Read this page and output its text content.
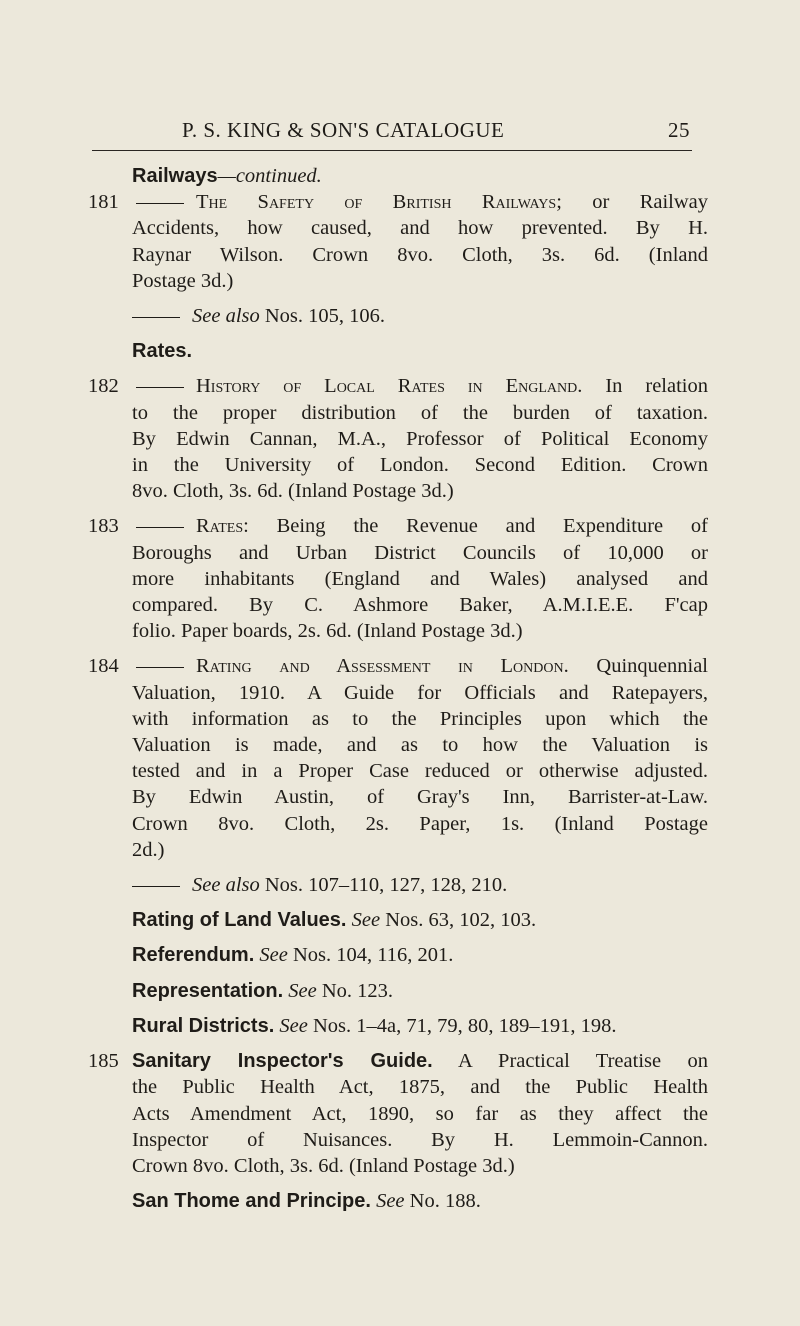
P. S. KING & SON'S CATALOGUE	25
Railways—continued.
181	The Safety of British Railways; or Railway
Accidents, how caused, and how prevented. By H.
Raynar Wilson. Crown 8vo. Cloth, 3s. 6d. (Inland
Postage 3d.)
See also Nos. 105, 106.
Rates.
182	History of Local Rates in England. In relation
to the proper distribution of the burden of taxation.
By Edwin Cannan, M.A., Professor of Political Economy
in the University of London. Second Edition. Crown
8vo. Cloth, 3s. 6d. (Inland Postage 3d.)
183	Rates: Being the Revenue and Expenditure of
Boroughs and Urban District Councils of 10,000 or
more inhabitants (England and Wales) analysed and
compared. By C. Ashmore Baker, A.M.I.E.E. F'cap
folio. Paper boards, 2s. 6d. (Inland Postage 3d.)
184	Rating and Assessment in London. Quinquennial
Valuation, 1910. A Guide for Officials and Ratepayers,
with information as to the Principles upon which the
Valuation is made, and as to how the Valuation is
tested and in a Proper Case reduced or otherwise adjusted.
By Edwin Austin, of Gray's Inn, Barrister-at-Law.
Crown 8vo. Cloth, 2s. Paper, 1s. (Inland Postage
2d.)
See also Nos. 107–110, 127, 128, 210.
Rating of Land Values. See Nos. 63, 102, 103.
Referendum. See Nos. 104, 116, 201.
Representation. See No. 123.
Rural Districts. See Nos. 1–4a, 71, 79, 80, 189–191, 198.
185 Sanitary Inspector's Guide. A Practical Treatise on
the Public Health Act, 1875, and the Public Health
Acts Amendment Act, 1890, so far as they affect the
Inspector of Nuisances. By H. Lemmoin-Cannon.
Crown 8vo. Cloth, 3s. 6d. (Inland Postage 3d.)
San Thome and Principe. See No. 188.
